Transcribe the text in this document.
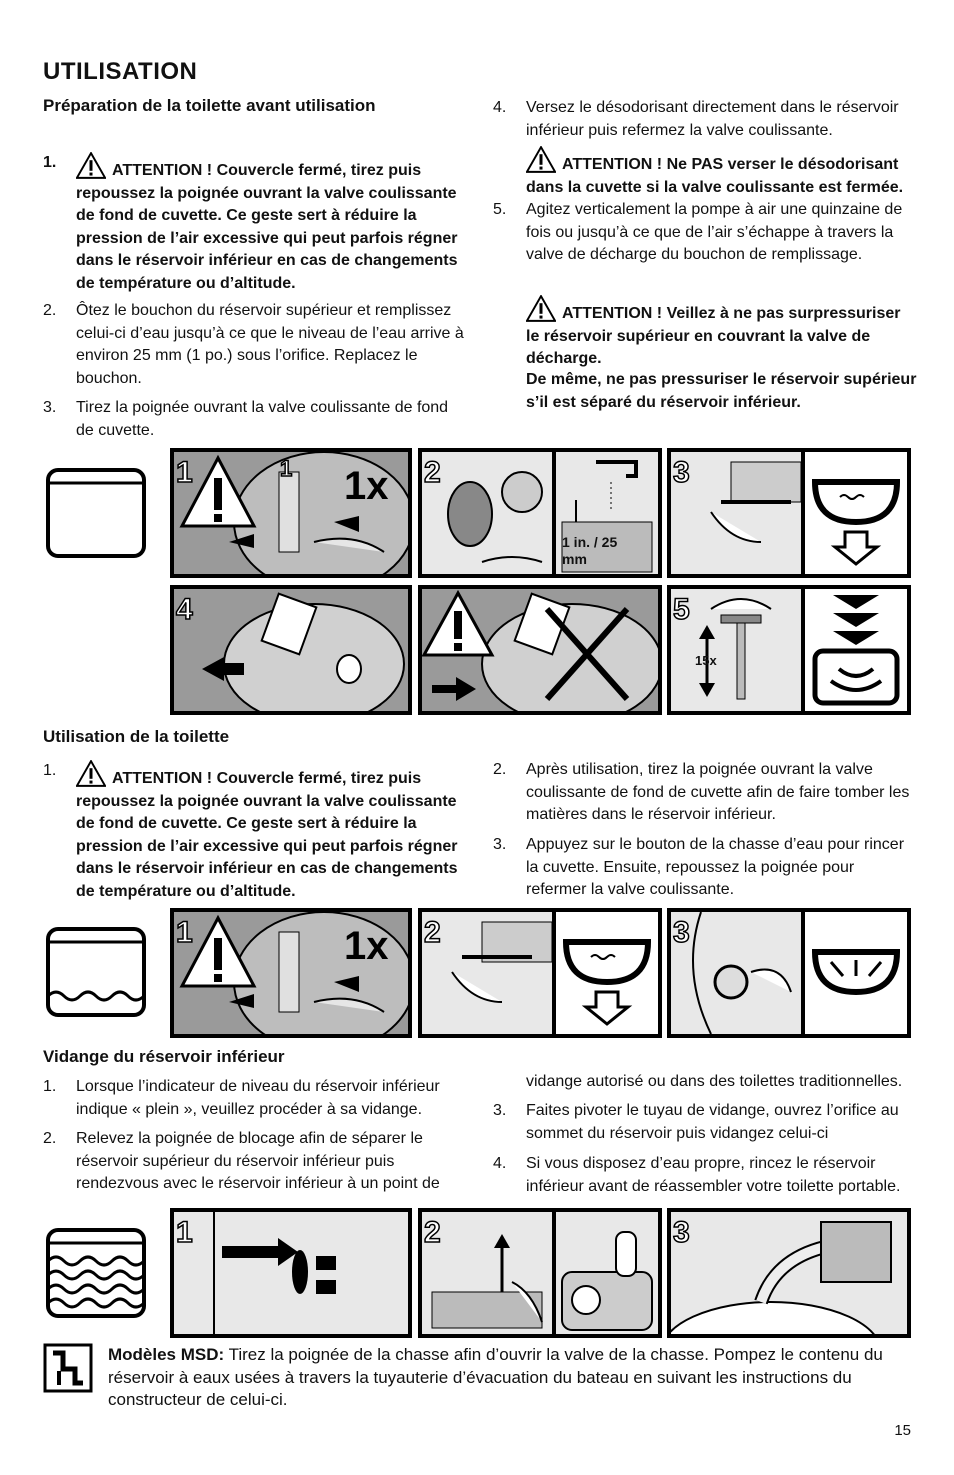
UTILISATION
Préparation de la toilette avant utilisation
1.	ATTENTION ! Couvercle fermé, tirez puis repoussez la poignée ouvrant la valve coulissante de fond de cuvette. Ce geste sert à réduire la pression de l’air excessive qui peut parfois régner dans le réservoir inférieur en cas de changements de température ou d’altitude.
2. Ôtez le bouchon du réservoir supérieur et remplissez celui-ci d’eau jusqu’à ce que le niveau de l’eau arrive à environ 25 mm (1 po.) sous l’orifice. Replacez le bouchon.
3. Tirez la poignée ouvrant la valve coulissante de fond de cuvette.
4. Versez le désodorisant directement dans le réservoir inférieur puis refermez la valve coulissante.
ATTENTION ! Ne PAS verser le désodorisant dans la cuvette si la valve coulissante est fermée.
5. Agitez verticalement la pompe à air une quinzaine de fois ou jusqu’à ce que de l’air s’échappe à travers la valve de décharge du bouchon de remplissage.
ATTENTION ! Veillez à ne pas surpressuriser le réservoir supérieur en couvrant la valve de décharge.
De même, ne pas pressuriser le réservoir supérieur s’il est séparé du réservoir inférieur.
1	1 1x
1 in. / 25 mm
2	3
4
15x
5
Utilisation de la toilette
1.	ATTENTION ! Couvercle fermé, tirez puis repoussez la poignée ouvrant la valve coulissante de fond de cuvette. Ce geste sert à réduire la pression de l’air excessive qui peut parfois régner dans le réservoir inférieur en cas de changements de température ou d’altitude.
2. Après utilisation, tirez la poignée ouvrant la valve coulissante de fond de cuvette afin de faire tomber les matières dans le réservoir inférieur.
3. Appuyez sur le bouton de la chasse d’eau pour rincer la cuvette. Ensuite, repoussez la poignée pour refermer la valve coulissante.
1	1x 2	3
Vidange du réservoir inférieur
1. Lorsque l’indicateur de niveau du réservoir inférieur indique « plein », veuillez procéder à sa vidange.
2. Relevez la poignée de blocage afin de séparer le réservoir supérieur du réservoir inférieur puis rendezvous avec le réservoir inférieur à un point de
vidange autorisé ou dans des toilettes traditionnelles.
3. Faites pivoter le tuyau de vidange, ouvrez l’orifice au sommet du réservoir puis vidangez celui-ci
4. Si vous disposez d’eau propre, rincez le réservoir inférieur avant de réassembler votre toilette portable.
1	2	3
Modèles MSD: Tirez la poignée de la chasse afin d’ouvrir la valve de la chasse. Pompez le contenu du réservoir à eaux usées à travers la tuyauterie d’évacuation du bateau en suivant les instructions du constructeur de celui-ci.
15
